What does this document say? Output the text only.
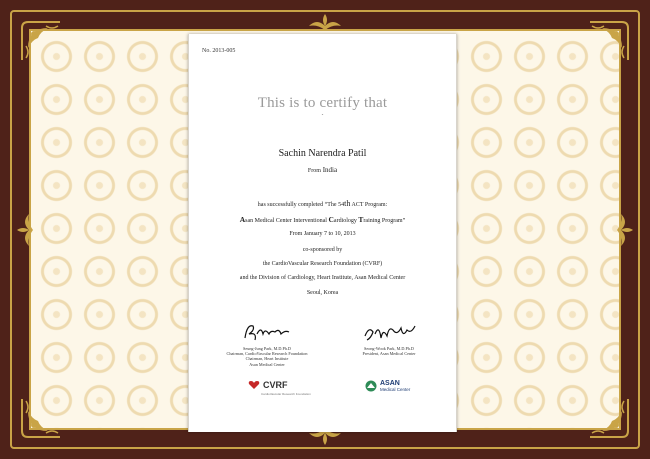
No. 2013-005
This is to certify that
`
Sachin Narendra Patil
From India
has successfully completed “The 54th ACT Program:
Asan Medical Center Interventional Cardiology Training Program”
From January 7 to 10, 2013
co-sponsored by
the CardioVascular Research Foundation (CVRF)
and the Division of Cardiology, Heart Institute, Asan Medical Center
Seoul, Korea
Seung-Jung Park, M.D.Ph.D
Chairman, CardioVascular Research Foundation
Chairman, Heart Institute
Asan Medical Center
Seong-Wook Park, M.D.Ph.D
President, Asan Medical Center
CVRF
CardioVascular Research Foundation
ASAN
Medical Center
